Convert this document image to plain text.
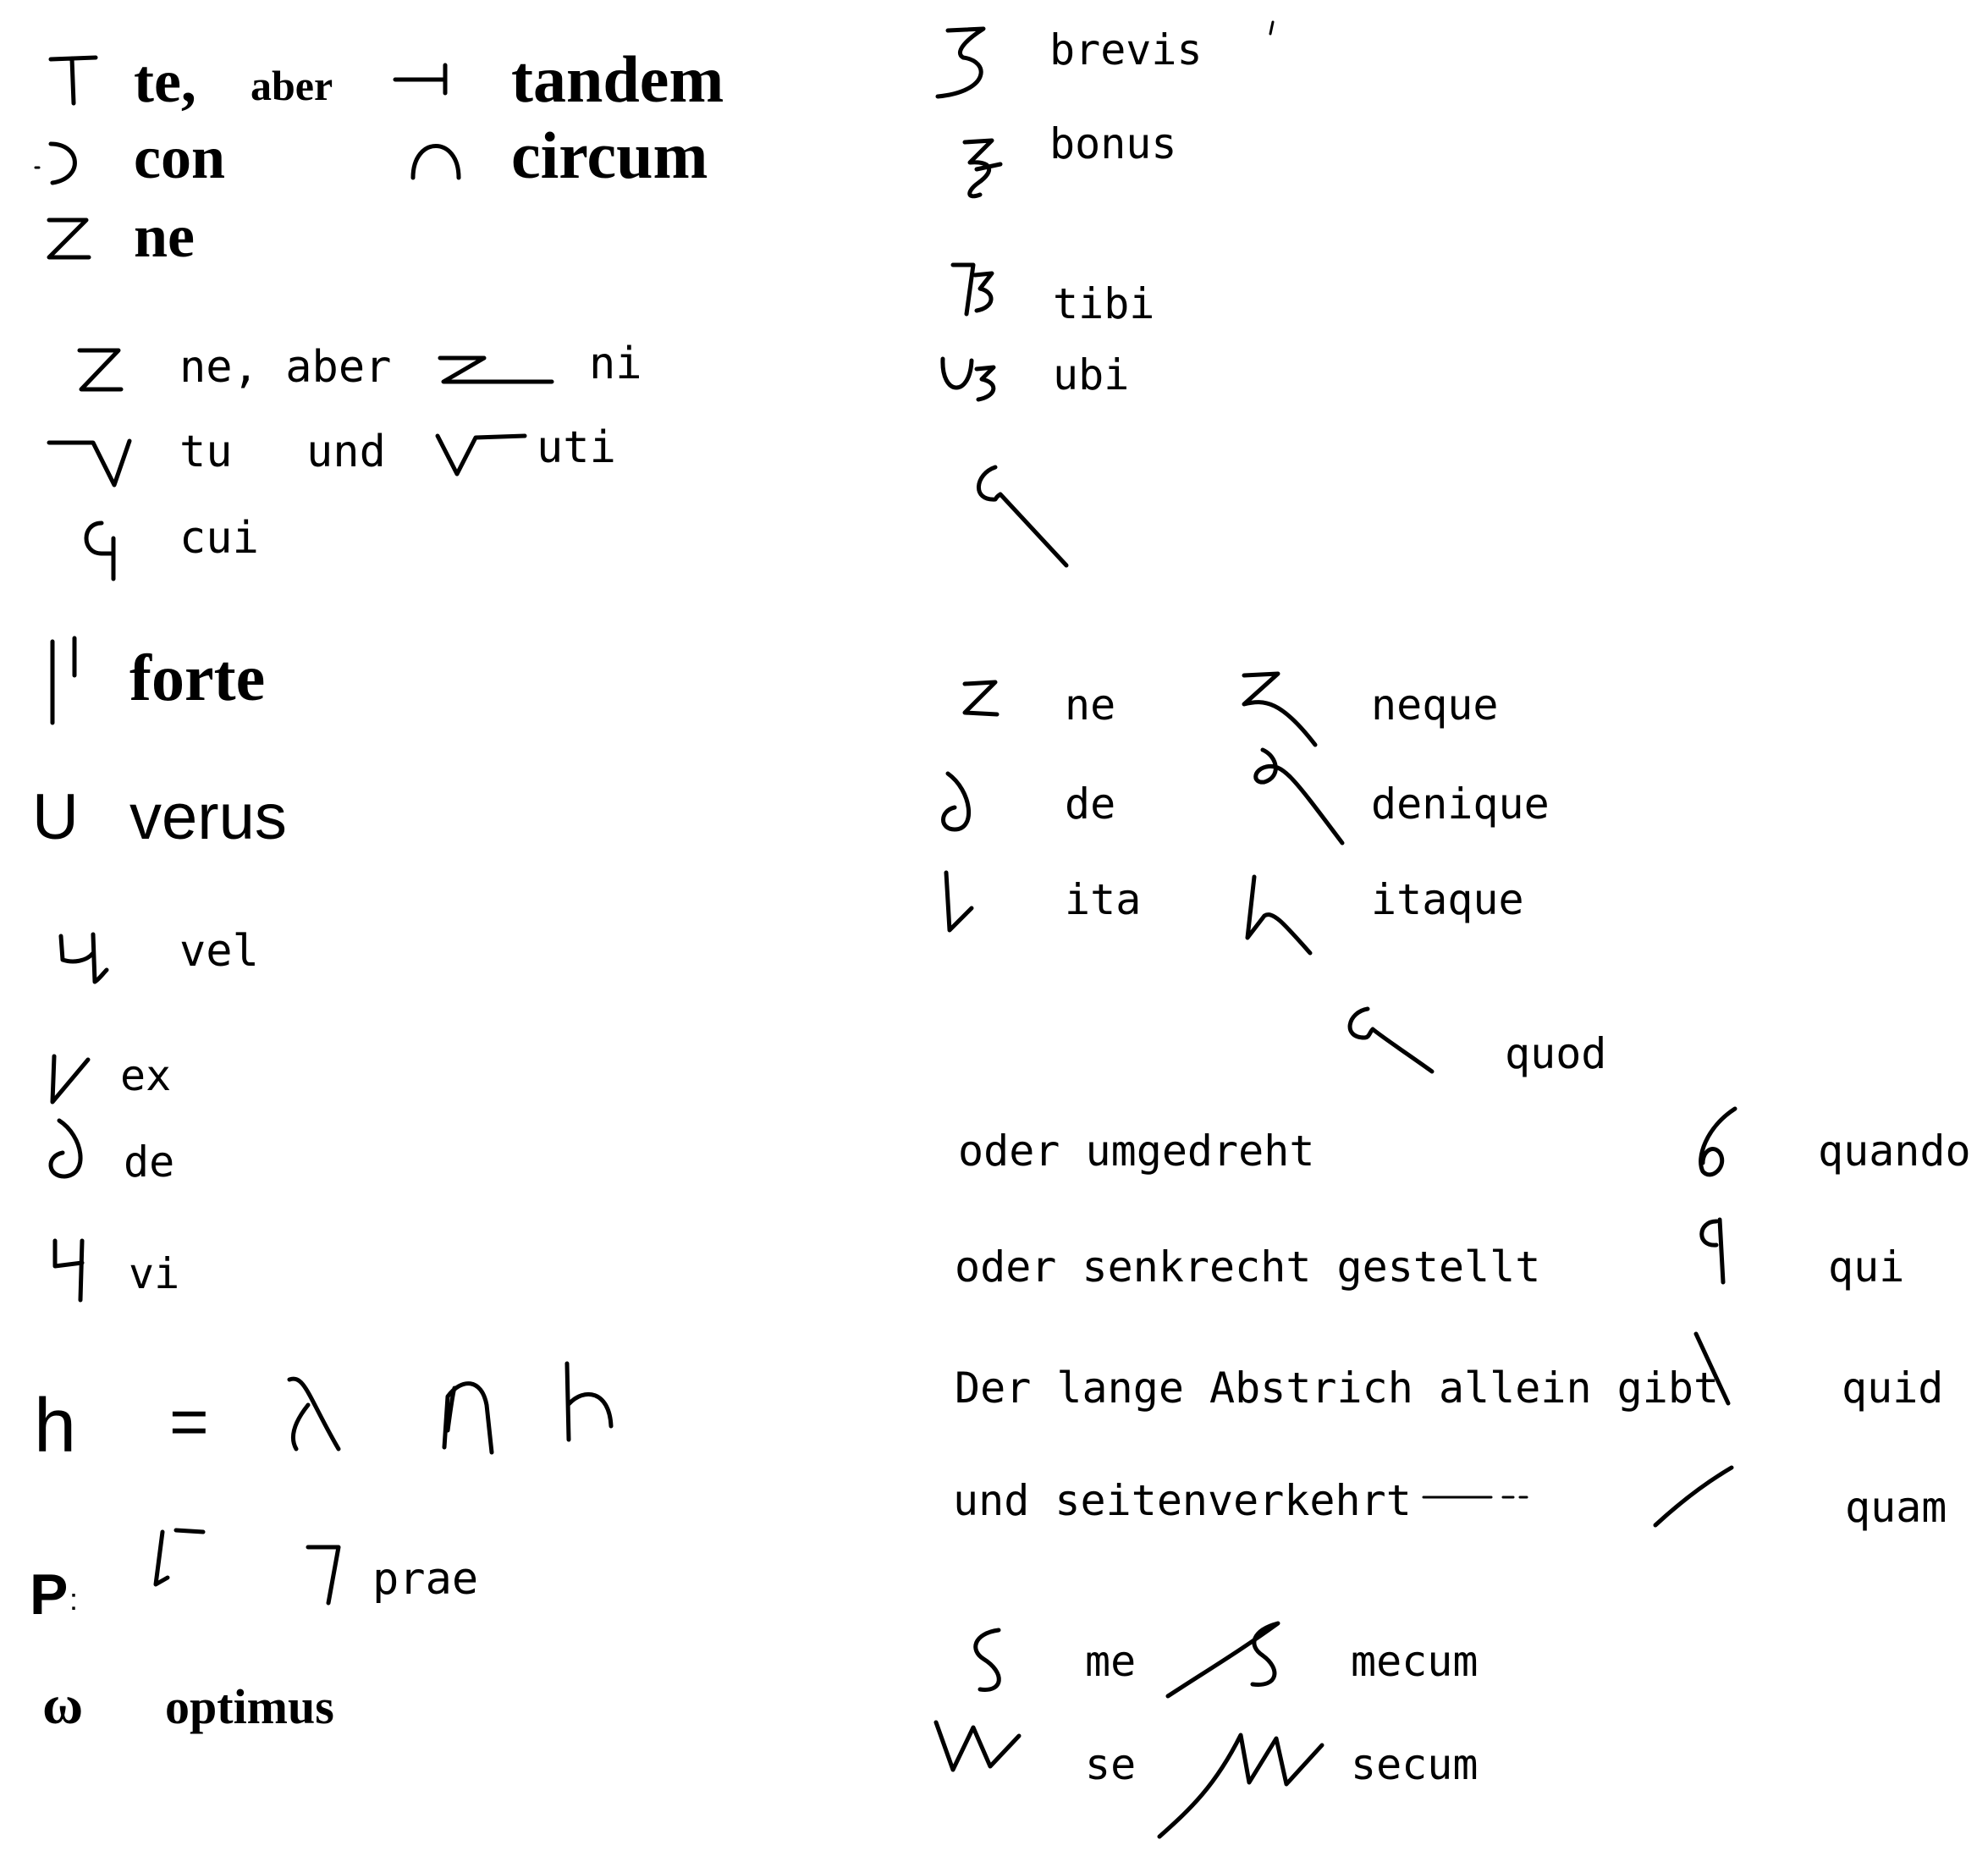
te, aber	tandem
con	circum
ne
ne, aber	ni
tu und	uti
cui
forte
U verus
vel
ex
de
vi
h =
P :	prae
ω optimus
brevis
bonus
tibi
ubi
ne	neque
de	denique
ita	itaque
quod
oder umgedreht	quando
oder senkrecht gestellt	qui
Der lange Abstrich allein gibt	quid
und seitenverkehrt	quam
me	mecum
se	secum
